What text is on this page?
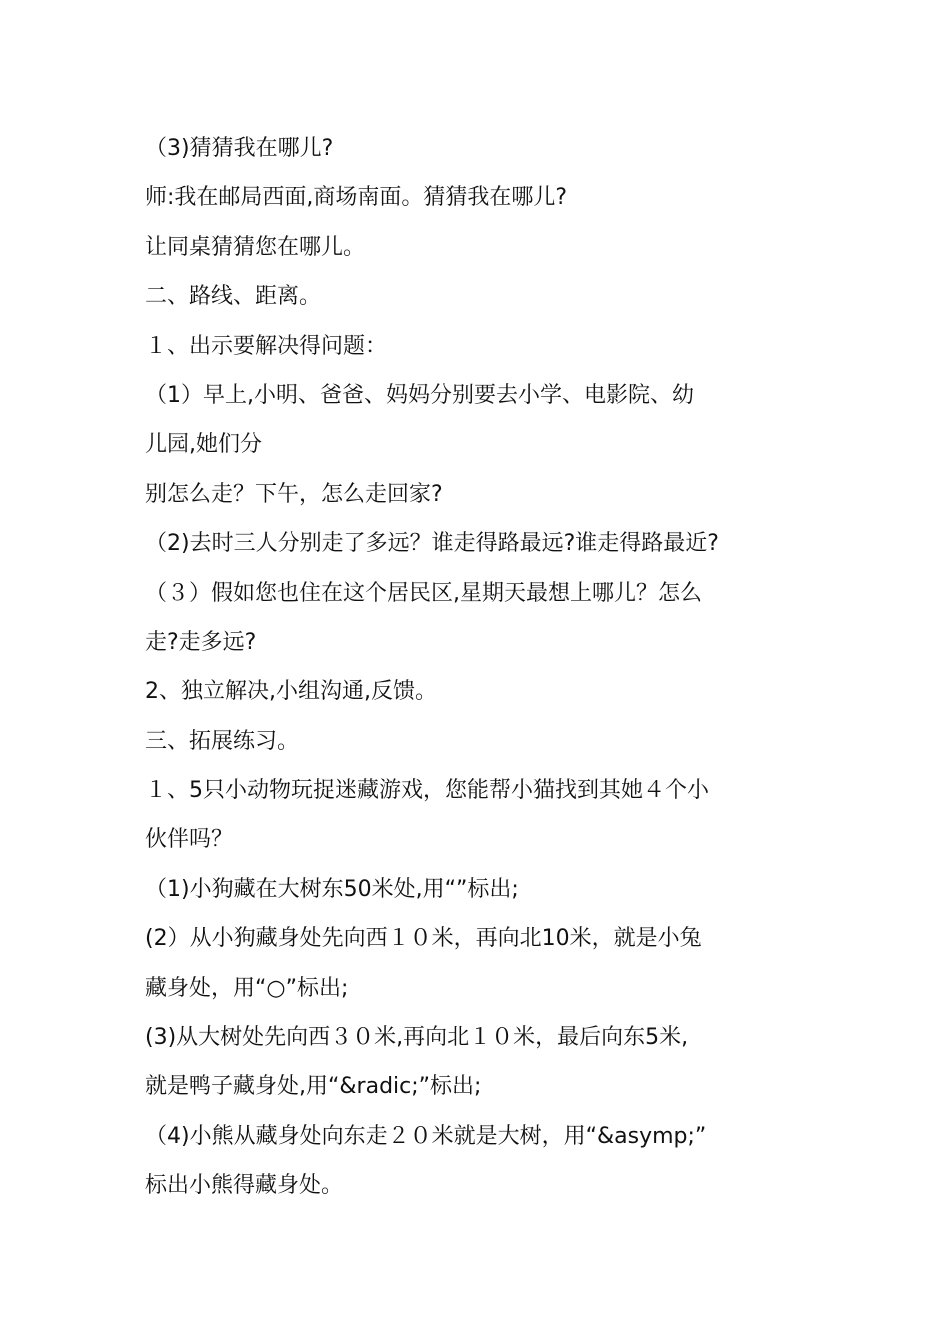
（3)猜猜我在哪儿?
师:我在邮局西面,商场南面。猜猜我在哪儿?
让同桌猜猜您在哪儿。
二、路线、距离。
１、出示要解决得问题：
（1）早上,小明、爸爸、妈妈分别要去小学、电影院、幼
儿园,她们分
别怎么走？下午，怎么走回家?
（2)去时三人分别走了多远？谁走得路最远?谁走得路最近?
（３）假如您也住在这个居民区,星期天最想上哪儿？怎么
走?走多远?
2、独立解决,小组沟通,反馈。
三、拓展练习。
１、5只小动物玩捉迷藏游戏，您能帮小猫找到其她４个小
伙伴吗？
（1)小狗藏在大树东50米处,用“”标出;
(2）从小狗藏身处先向西１０米，再向北10米，就是小兔
藏身处，用“○”标出;
(3)从大树处先向西３０米,再向北１０米，最后向东5米,
就是鸭子藏身处,用“&radic;”标出;
（4)小熊从藏身处向东走２０米就是大树，用“&asymp;”
标出小熊得藏身处。
